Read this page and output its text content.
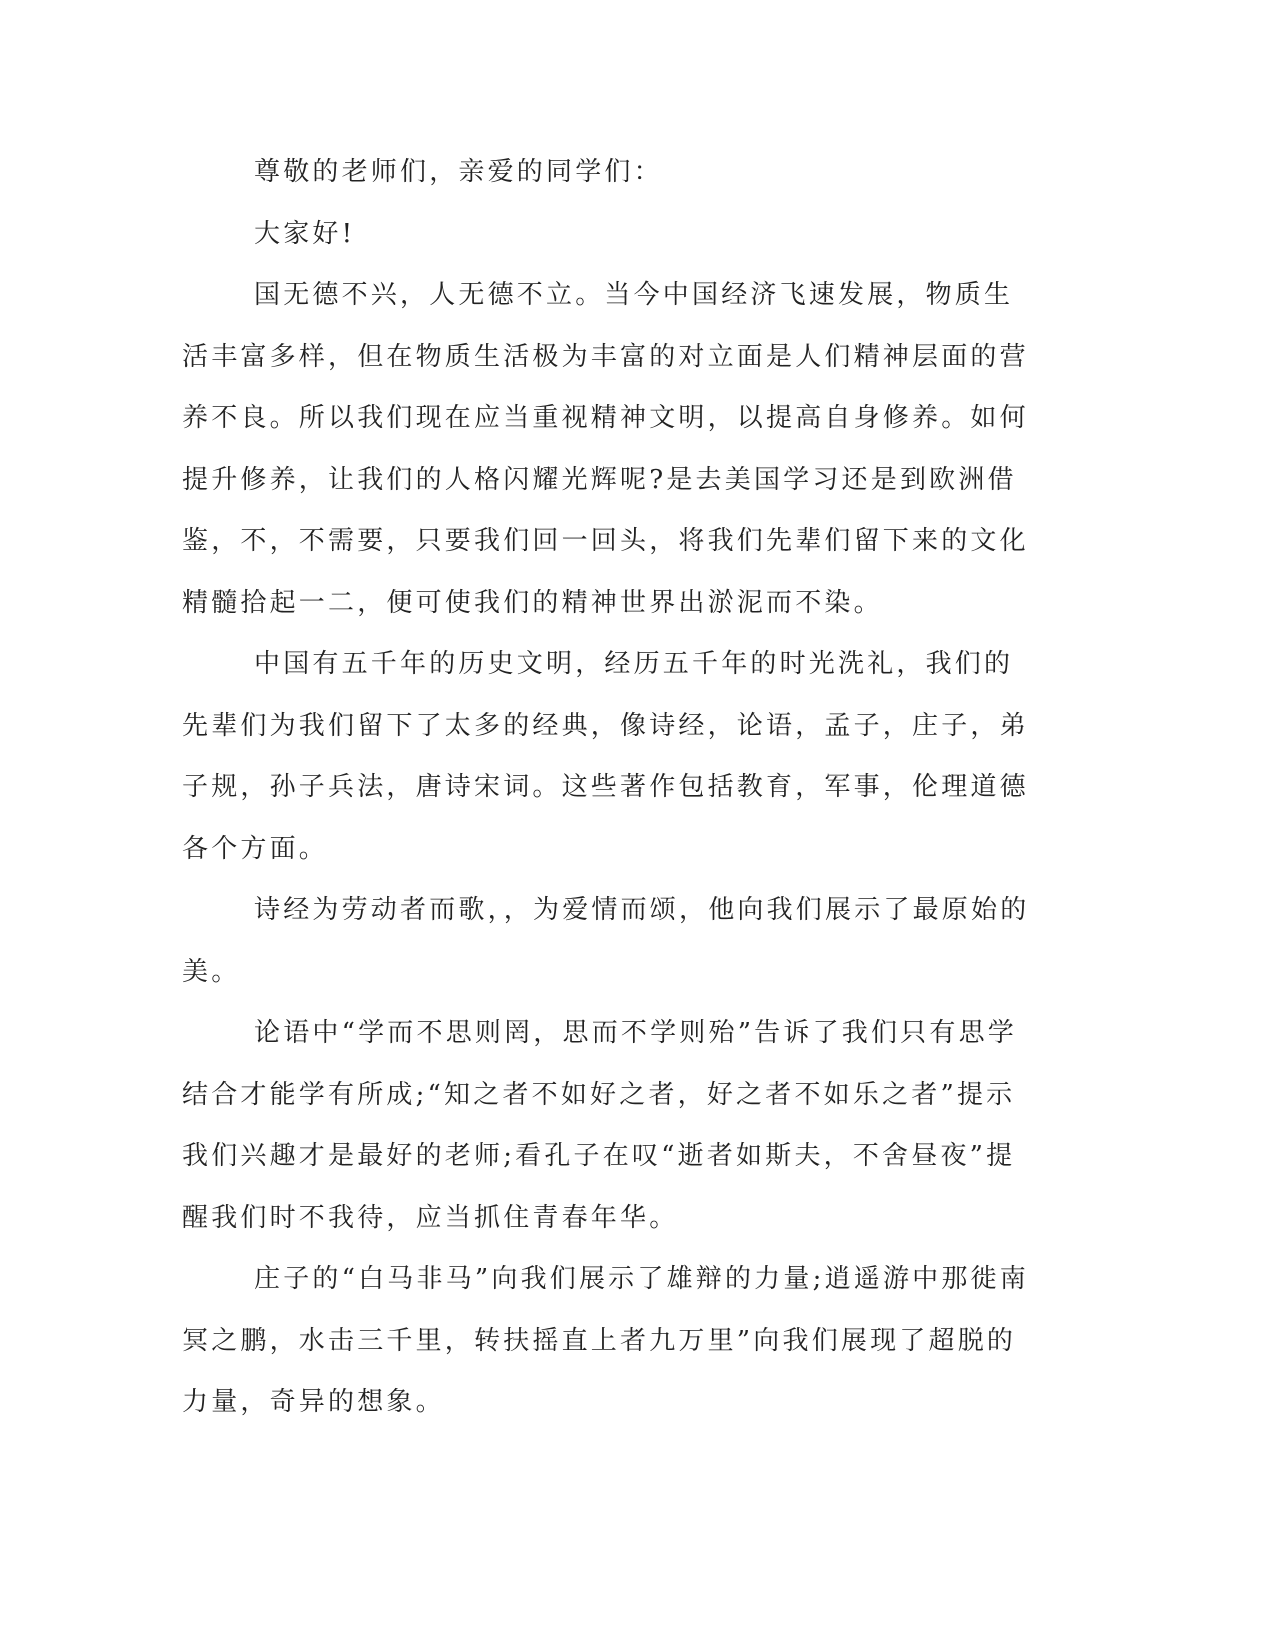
尊敬的老师们，亲爱的同学们：

大家好!

国无德不兴，人无德不立。当今中国经济飞速发展，物质生活丰富多样，但在物质生活极为丰富的对立面是人们精神层面的营养不良。所以我们现在应当重视精神文明，以提高自身修养。如何提升修养，让我们的人格闪耀光辉呢?是去美国学习还是到欧洲借鉴，不，不需要，只要我们回一回头，将我们先辈们留下来的文化精髓拾起一二，便可使我们的精神世界出淤泥而不染。

中国有五千年的历史文明，经历五千年的时光洗礼，我们的先辈们为我们留下了太多的经典，像诗经，论语，孟子，庄子，弟子规，孙子兵法，唐诗宋词。这些著作包括教育，军事，伦理道德各个方面。

诗经为劳动者而歌，，为爱情而颂，他向我们展示了最原始的美。

论语中“学而不思则罔，思而不学则殆”告诉了我们只有思学结合才能学有所成;“知之者不如好之者，好之者不如乐之者”提示我们兴趣才是最好的老师;看孔子在叹“逝者如斯夫，不舍昼夜”提醒我们时不我待，应当抓住青春年华。

庄子的“白马非马”向我们展示了雄辩的力量;逍遥游中那徙南冥之鹏，水击三千里，转扶摇直上者九万里”向我们展现了超脱的力量，奇异的想象。
